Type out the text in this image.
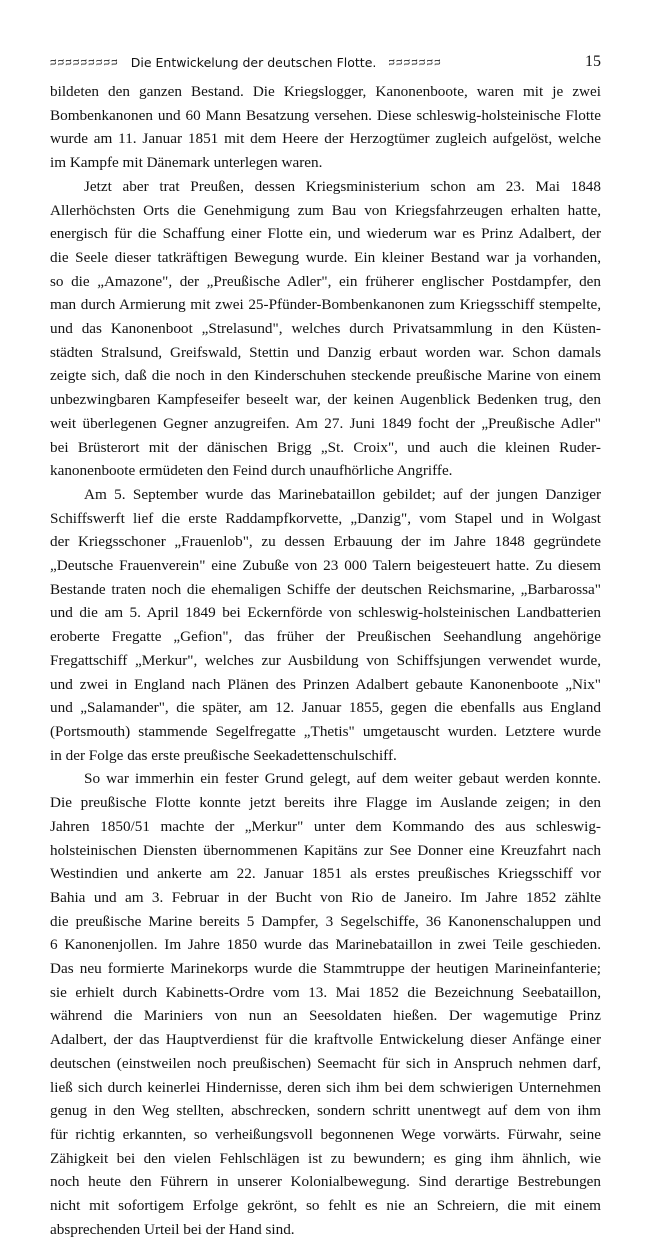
ᴝᴝᴝᴝᴝᴝᴝᴝᴝ Die Entwickelung der deutschen Flotte. ᴝᴝᴝᴝᴝᴝᴝ	15
bildeten den ganzen Bestand. Die Kriegslogger, Kanonenboote, waren mit je zwei
Bombenkanonen und 60 Mann Besatzung versehen. Diese schleswig-holsteinische Flotte
wurde am 11. Januar 1851 mit dem Heere der Herzogtümer zugleich aufgelöst, welche
im Kampfe mit Dänemark unterlegen waren.
Jetzt aber trat Preußen, dessen Kriegsministerium schon am 23. Mai 1848
Allerhöchsten Orts die Genehmigung zum Bau von Kriegsfahrzeugen erhalten hatte,
energisch für die Schaffung einer Flotte ein, und wiederum war es Prinz Adalbert, der
die Seele dieser tatkräftigen Bewegung wurde. Ein kleiner Bestand war ja vorhanden,
so die „Amazone", der „Preußische Adler", ein früherer englischer Postdampfer, den
man durch Armierung mit zwei 25-Pfünder-Bombenkanonen zum Kriegsschiff stempelte,
und das Kanonenboot „Strelasund", welches durch Privatsammlung in den Küsten-
städten Stralsund, Greifswald, Stettin und Danzig erbaut worden war. Schon damals
zeigte sich, daß die noch in den Kinderschuhen steckende preußische Marine von einem
unbezwingbaren Kampfeseifer beseelt war, der keinen Augenblick Bedenken trug, den
weit überlegenen Gegner anzugreifen. Am 27. Juni 1849 focht der „Preußische Adler"
bei Brüsterort mit der dänischen Brigg „St. Croix", und auch die kleinen Ruder-
kanonenboote ermüdeten den Feind durch unaufhörliche Angriffe.
Am 5. September wurde das Marinebataillon gebildet; auf der jungen Danziger
Schiffswerft lief die erste Raddampfkorvette, „Danzig", vom Stapel und in Wolgast
der Kriegsschoner „Frauenlob", zu dessen Erbauung der im Jahre 1848 gegründete
„Deutsche Frauenverein" eine Zubuße von 23 000 Talern beigesteuert hatte. Zu diesem
Bestande traten noch die ehemaligen Schiffe der deutschen Reichsmarine, „Barbarossa"
und die am 5. April 1849 bei Eckernförde von schleswig-holsteinischen Landbatterien
eroberte Fregatte „Gefion", das früher der Preußischen Seehandlung angehörige
Fregattschiff „Merkur", welches zur Ausbildung von Schiffsjungen verwendet wurde,
und zwei in England nach Plänen des Prinzen Adalbert gebaute Kanonenboote „Nix"
und „Salamander", die später, am 12. Januar 1855, gegen die ebenfalls aus England
(Portsmouth) stammende Segelfregatte „Thetis" umgetauscht wurden. Letztere wurde
in der Folge das erste preußische Seekadettenschulschiff.
So war immerhin ein fester Grund gelegt, auf dem weiter gebaut werden konnte.
Die preußische Flotte konnte jetzt bereits ihre Flagge im Auslande zeigen; in den
Jahren 1850/51 machte der „Merkur" unter dem Kommando des aus schleswig-
holsteinischen Diensten übernommenen Kapitäns zur See Donner eine Kreuzfahrt nach
Westindien und ankerte am 22. Januar 1851 als erstes preußisches Kriegsschiff vor
Bahia und am 3. Februar in der Bucht von Rio de Janeiro. Im Jahre 1852 zählte
die preußische Marine bereits 5 Dampfer, 3 Segelschiffe, 36 Kanonenschaluppen und
6 Kanonenjollen. Im Jahre 1850 wurde das Marinebataillon in zwei Teile geschieden.
Das neu formierte Marinekorps wurde die Stammtruppe der heutigen Marineinfanterie;
sie erhielt durch Kabinetts-Ordre vom 13. Mai 1852 die Bezeichnung Seebataillon,
während die Mariniers von nun an Seesoldaten hießen. Der wagemutige Prinz
Adalbert, der das Hauptverdienst für die kraftvolle Entwickelung dieser Anfänge einer
deutschen (einstweilen noch preußischen) Seemacht für sich in Anspruch nehmen darf,
ließ sich durch keinerlei Hindernisse, deren sich ihm bei dem schwierigen Unternehmen
genug in den Weg stellten, abschrecken, sondern schritt unentwegt auf dem von ihm
für richtig erkannten, so verheißungsvoll begonnenen Wege vorwärts. Fürwahr, seine
Zähigkeit bei den vielen Fehlschlägen ist zu bewundern; es ging ihm ähnlich, wie
noch heute den Führern in unserer Kolonialbewegung. Sind derartige Bestrebungen
nicht mit sofortigem Erfolge gekrönt, so fehlt es nie an Schreiern, die mit einem
absprechenden Urteil bei der Hand sind.
